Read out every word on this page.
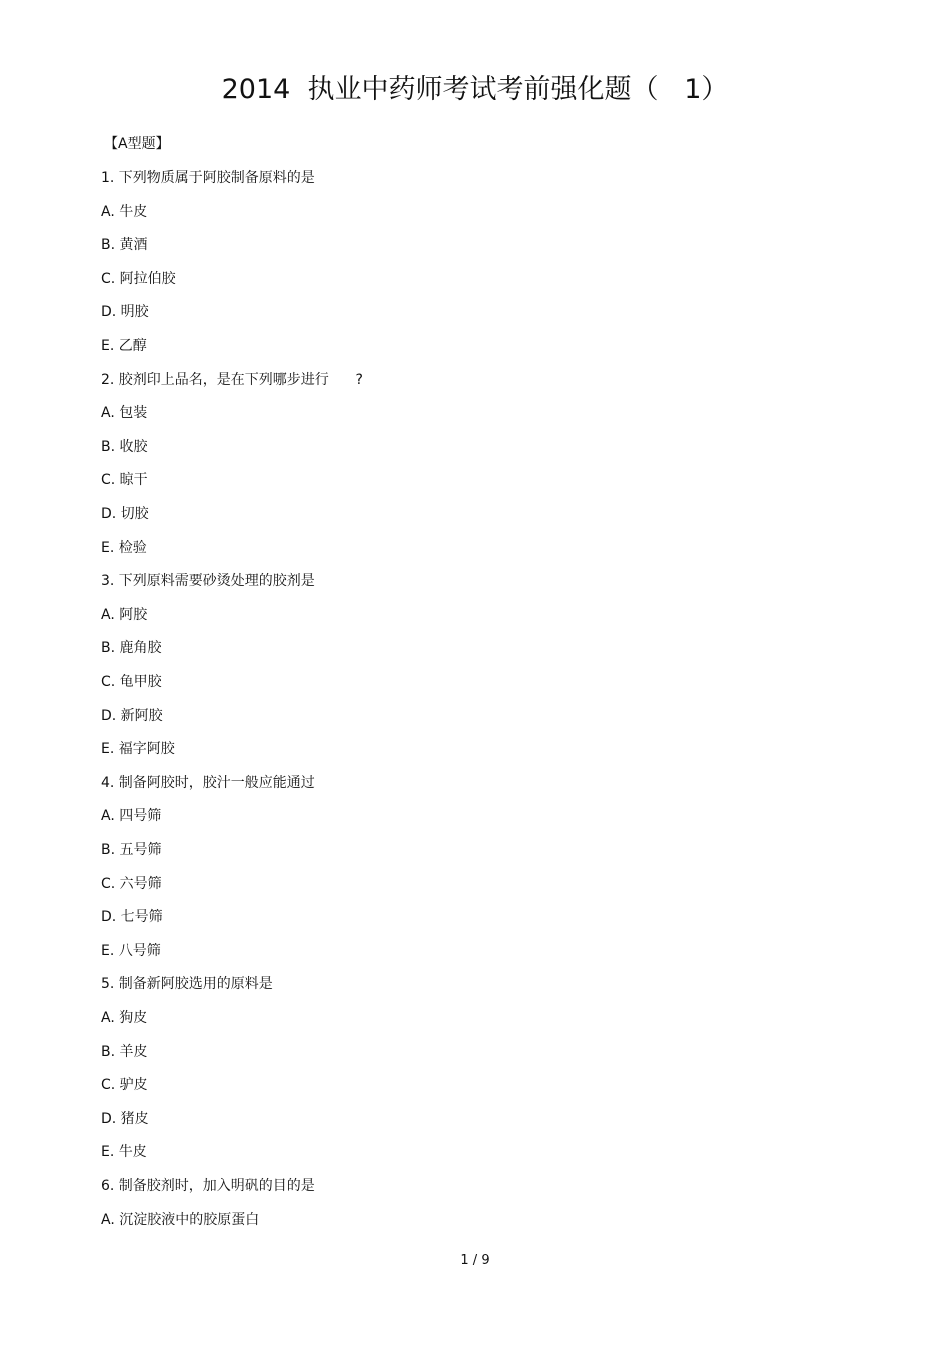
2014  执业中药师考试考前强化题（   1）
【A型题】
1. 下列物质属于阿胶制备原料的是
A. 牛皮
B. 黄酒
C. 阿拉伯胶
D. 明胶
E. 乙醇
2. 胶剂印上品名，是在下列哪步进行      ?
A. 包装
B. 收胶
C. 晾干
D. 切胶
E. 检验
3. 下列原料需要砂烫处理的胶剂是
A. 阿胶
B. 鹿角胶
C. 龟甲胶
D. 新阿胶
E. 福字阿胶
4. 制备阿胶时，胶汁一般应能通过
A. 四号筛
B. 五号筛
C. 六号筛
D. 七号筛
E. 八号筛
5. 制备新阿胶选用的原料是
A. 狗皮
B. 羊皮
C. 驴皮
D. 猪皮
E. 牛皮
6. 制备胶剂时，加入明矾的目的是
A. 沉淀胶液中的胶原蛋白
1 / 9
